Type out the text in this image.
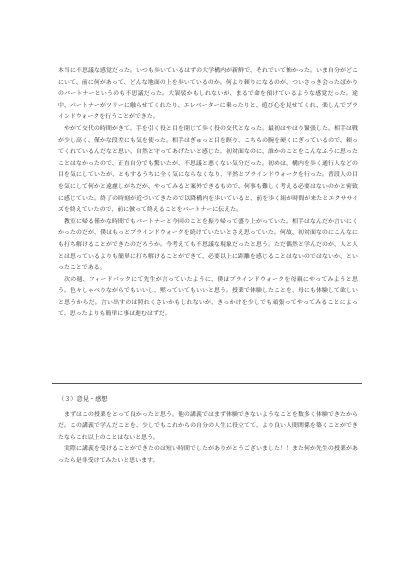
本当に不思議な感覚だった。いつも歩いているはずの大学構内が新鮮で、それでいて怖かった。いま自分がどこにいて、前に何があって、どんな地面の上を歩いているのか。何より頼りになるのが、ついさっき会ったばかりのパートナーというのも不思議だった。大袈裟かもしれないが、まるで命を預けているような感覚だった。途中、パートナーがツリーに触らせてくれたり、エレベーターに乗ったりと、遊び心を見せてくれ、楽しんでブラインドウォークを行うことができた。

　やがて交代の時間がきて、手を引く役と目を閉じて歩く役の交代となった。最初はやはり緊張した。相手は戦が少し高く、僅かな段差にも気を使った。相手はぎゅっと目を瞑り、こちらの腕を硬くにぎっているので、頼ってくれているんだなと思い、自然と守ってあげたいと感じた。初対面なのに、誰かのことをこんなふうに思ったことはなかったので、正直自分でも驚いたが、不思議と悪くない気分だった。初めは、構内を歩く通行人などの目を気にしていたが、ともするうちに全く気にならなくなり、平然とブラインドウォークを行った。普段人の目を気にして何かと遠慮しがちだが、やってみると案外できるもので、何事も難しく考える必要はないのかと密致に感じていた。終了の時刻が近づいてきたので以降構内を歩いていると、前を歩く組が時間が来たとエクササイズを終えていたので、前に倣って終えることをパートナーに伝えた。

　教室に帰る僅かな時間でもパートナーと今回のことを振り帰って盛り上がっていた。相手はなんだか言いにくかったのだが、僕はもっとブラインドウォークを続けていたいとさえ思っていた。何故、初対面なのにこんなにも打ち解けることができたのだろうか。今考えても不思議な現象だったと思う。ただ偶然と学んだのが、人と人とは思っているよりも簡単に打ち解けることができて、必要以上に距離を感じることはないのではないか、といったことである。

　次の週、フィードバックにて先生が言っていたように、僕はブラインドウォークを母親にやってみようと思う。色々しゃべりながらでもいいし、黙っていてもいいと思う。授業で体験したことを、母にも体験して欲しいと思うからだ。言い出すのは照れくさいかもしれないが、きっかけを少しでも頑張ってやってみることによって、思ったよりも簡単に事は進むはずだ。

（３）意見・感想

　まずはこの授業をとって良かったと思う。他の講義ではまず体験できないようなことを数多く体験できたからだ。この講義で学んだことを、少しでもこれからの自分の人生に役立てて、より良い人間関係を築くことができたならこれ以上のことはないと思う。

　実際に講義を受けることができたのは短い時間でしたがありがとうございました！！また何か先生の授業があったら是非受けてみたいと思います。
